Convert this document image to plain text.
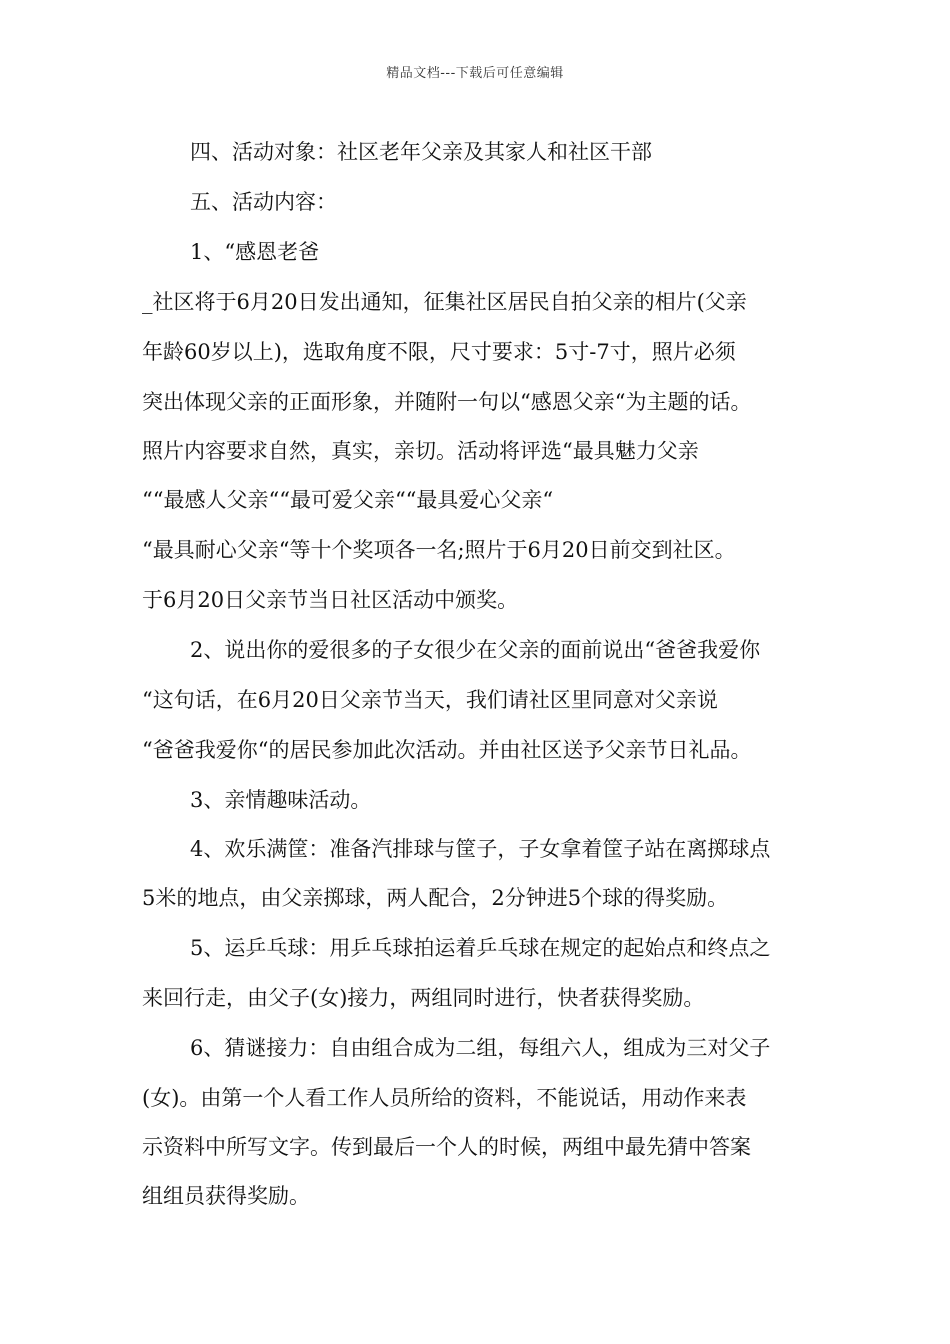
精品文档---下载后可任意编辑
四、活动对象：社区老年父亲及其家人和社区干部
五、活动内容：
1、“感恩老爸
_社区将于6月20日发出通知，征集社区居民自拍父亲的相片(父亲
年龄60岁以上)，选取角度不限，尺寸要求：5寸-7寸，照片必须
突出体现父亲的正面形象，并随附一句以“感恩父亲“为主题的话。
照片内容要求自然，真实，亲切。活动将评选“最具魅力父亲
““最感人父亲““最可爱父亲““最具爱心父亲“
“最具耐心父亲“等十个奖项各一名;照片于6月20日前交到社区。
于6月20日父亲节当日社区活动中颁奖。
2、说出你的爱很多的子女很少在父亲的面前说出“爸爸我爱你
“这句话，在6月20日父亲节当天，我们请社区里同意对父亲说
“爸爸我爱你“的居民参加此次活动。并由社区送予父亲节日礼品。
3、亲情趣味活动。
4、欢乐满筐：准备汽排球与筐子，子女拿着筐子站在离掷球点
5米的地点，由父亲掷球，两人配合，2分钟进5个球的得奖励。
5、运乒乓球：用乒乓球拍运着乒乓球在规定的起始点和终点之
来回行走，由父子(女)接力，两组同时进行，快者获得奖励。
6、猜谜接力：自由组合成为二组，每组六人，组成为三对父子
(女)。由第一个人看工作人员所给的资料，不能说话，用动作来表
示资料中所写文字。传到最后一个人的时候，两组中最先猜中答案
组组员获得奖励。
